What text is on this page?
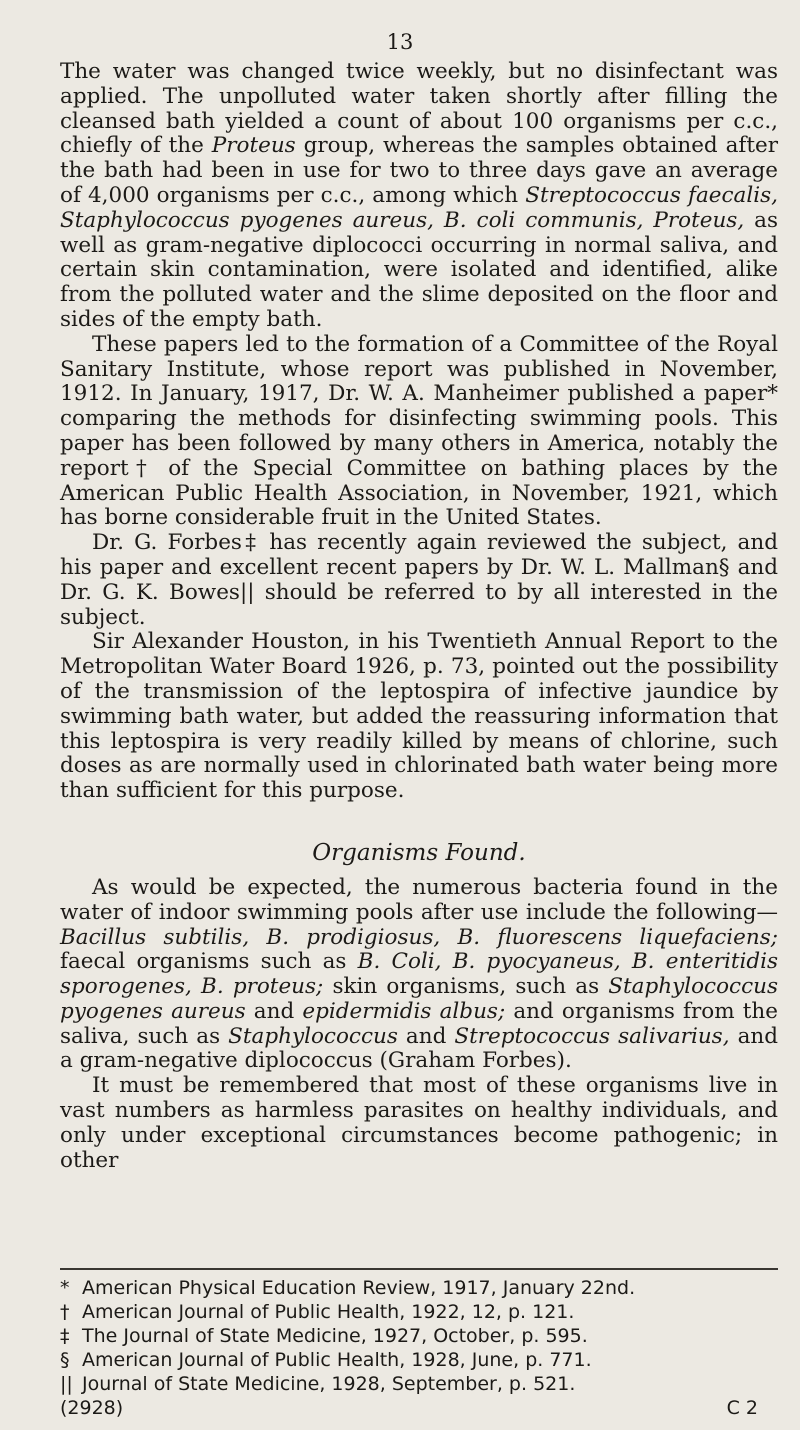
13

The water was changed twice weekly, but no disinfectant was applied. The unpolluted water taken shortly after filling the cleansed bath yielded a count of about 100 organisms per c.c., chiefly of the Proteus group, whereas the samples obtained after the bath had been in use for two to three days gave an average of 4,000 organisms per c.c., among which Streptococcus faecalis, Staphylococcus pyogenes aureus, B. coli communis, Proteus, as well as gram-negative diplococci occurring in normal saliva, and certain skin contamination, were isolated and identified, alike from the polluted water and the slime deposited on the floor and sides of the empty bath.

These papers led to the formation of a Committee of the Royal Sanitary Institute, whose report was published in November, 1912. In January, 1917, Dr. W. A. Manheimer published a paper* comparing the methods for disinfecting swimming pools. This paper has been followed by many others in America, notably the report† of the Special Committee on bathing places by the American Public Health Association, in November, 1921, which has borne considerable fruit in the United States.

Dr. G. Forbes‡ has recently again reviewed the subject, and his paper and excellent recent papers by Dr. W. L. Mallman§ and Dr. G. K. Bowes|| should be referred to by all interested in the subject.

Sir Alexander Houston, in his Twentieth Annual Report to the Metropolitan Water Board 1926, p. 73, pointed out the possibility of the transmission of the leptospira of infective jaundice by swimming bath water, but added the reassuring information that this leptospira is very readily killed by means of chlorine, such doses as are normally used in chlorinated bath water being more than sufficient for this purpose.

Organisms Found.

As would be expected, the numerous bacteria found in the water of indoor swimming pools after use include the following— Bacillus subtilis, B. prodigiosus, B. fluorescens liquefaciens; faecal organisms such as B. Coli, B. pyocyaneus, B. enteritidis sporogenes, B. proteus; skin organisms, such as Staphylococcus pyogenes aureus and epidermidis albus; and organisms from the saliva, such as Staphylococcus and Streptococcus salivarius, and a gram-negative diplococcus (Graham Forbes).

It must be remembered that most of these organisms live in vast numbers as harmless parasites on healthy individuals, and only under exceptional circumstances become pathogenic; in other

* American Physical Education Review, 1917, January 22nd.

† American Journal of Public Health, 1922, 12, p. 121.

‡ The Journal of State Medicine, 1927, October, p. 595.

§ American Journal of Public Health, 1928, June, p. 771.

|| Journal of State Medicine, 1928, September, p. 521.

(2928)	C 2
